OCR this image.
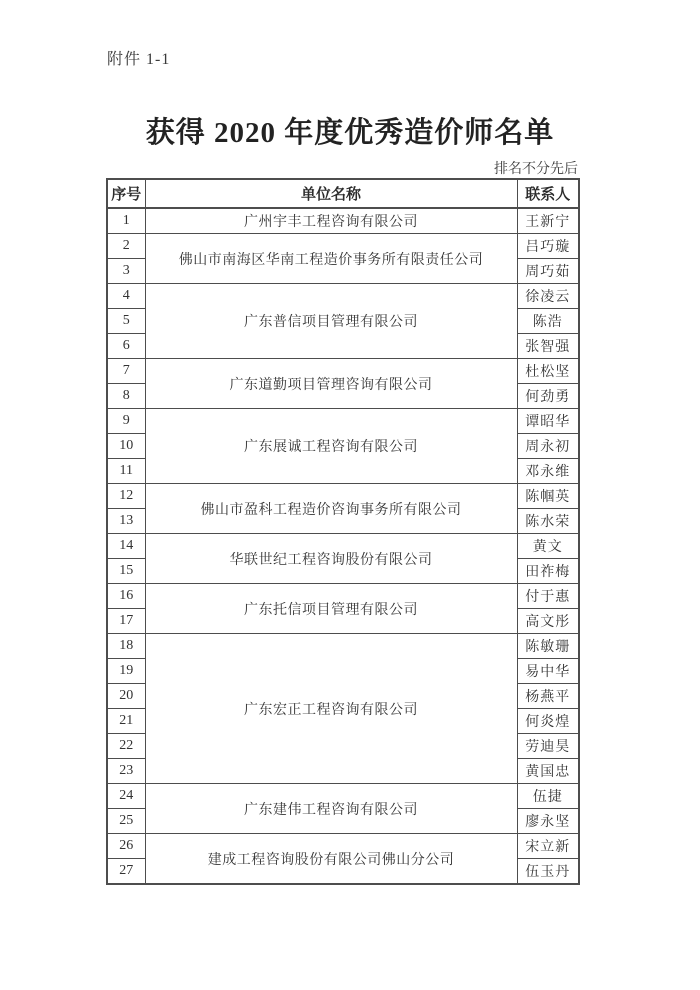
附件 1-1
获得 2020 年度优秀造价师名单
排名不分先后
序号	单位名称	联系人
1	广州宇丰工程咨询有限公司	王新宁
2	佛山市南海区华南工程造价事务所有限责任公司	吕巧璇
3		周巧茹
4	广东普信项目管理有限公司	徐凌云
5		陈浩
6		张智强
7	广东道勤项目管理咨询有限公司	杜松坚
8		何劲勇
9	广东展诚工程咨询有限公司	谭昭华
10		周永初
11		邓永维
12	佛山市盈科工程造价咨询事务所有限公司	陈帼英
13		陈水荣
14	华联世纪工程咨询股份有限公司	黄文
15		田祚梅
16	广东托信项目管理有限公司	付于惠
17		高文彤
18	广东宏正工程咨询有限公司	陈敏珊
19		易中华
20		杨燕平
21		何炎煌
22		劳迪昊
23		黄国忠
24	广东建伟工程咨询有限公司	伍捷
25		廖永坚
26	建成工程咨询股份有限公司佛山分公司	宋立新
27		伍玉丹
